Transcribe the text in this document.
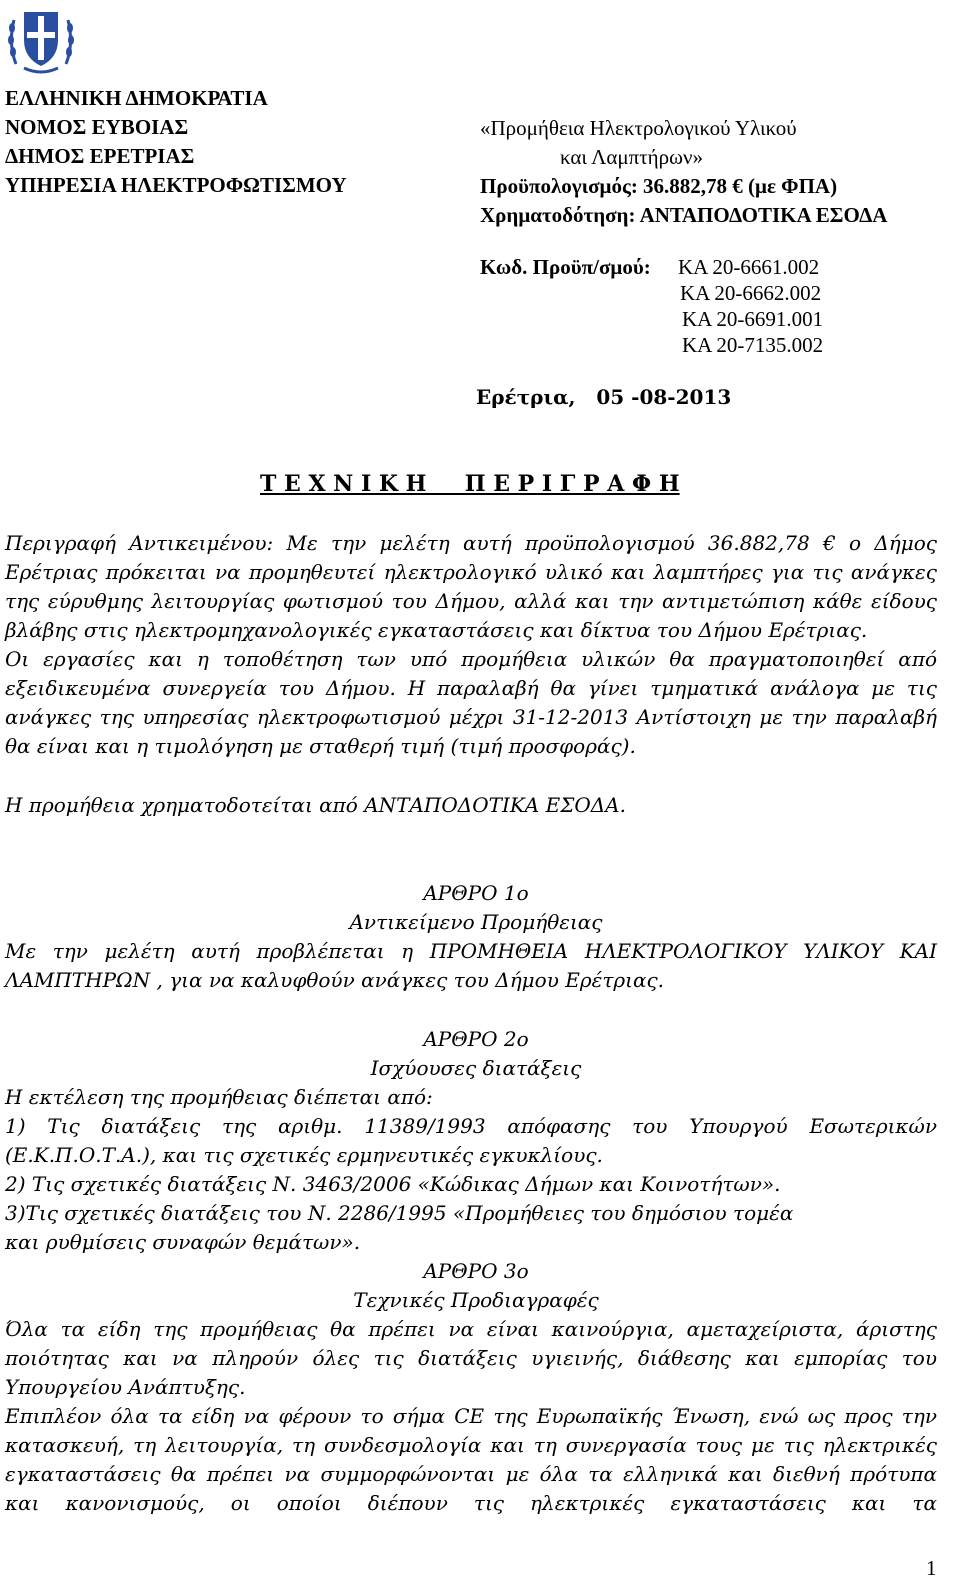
ΕΛΛΗΝΙΚΗ ΔΗΜΟΚΡΑΤΙΑ
ΝΟΜΟΣ ΕΥΒΟΙΑΣ
ΔΗΜΟΣ ΕΡΕΤΡΙΑΣ
ΥΠΗΡΕΣΙΑ ΗΛΕΚΤΡΟΦΩΤΙΣΜΟΥ
«Προμήθεια Ηλεκτρολογικού Υλικού
και Λαμπτήρων»
Προϋπολογισμός: 36.882,78 € (με ΦΠΑ)
Χρηματοδότηση: ΑΝΤΑΠΟΔΟΤΙΚΑ ΕΣΟΔΑ
Κωδ. Προϋπ/σμού: ΚΑ 20-6661.002
ΚΑ 20-6662.002
ΚΑ 20-6691.001
ΚΑ 20-7135.002
Ερέτρια,   05 -08-2013
Τ Ε Χ Ν Ι Κ Η     Π Ε Ρ Ι Γ Ρ Α Φ Η
Περιγραφή Αντικειμένου: Με την μελέτη αυτή προϋπολογισμού 36.882,78 € ο Δήμος
Ερέτριας πρόκειται να προμηθευτεί ηλεκτρολογικό υλικό και λαμπτήρες για τις ανάγκες
της εύρυθμης λειτουργίας φωτισμού του Δήμου, αλλά και την αντιμετώπιση κάθε είδους
βλάβης στις ηλεκτρομηχανολογικές εγκαταστάσεις και δίκτυα του Δήμου Ερέτριας.
Οι εργασίες και η τοποθέτηση των υπό προμήθεια υλικών θα πραγματοποιηθεί από
εξειδικευμένα συνεργεία του Δήμου. Η παραλαβή θα γίνει τμηματικά ανάλογα με τις
ανάγκες της υπηρεσίας ηλεκτροφωτισμού μέχρι 31-12-2013 Αντίστοιχη με την παραλαβή
θα είναι και η τιμολόγηση με σταθερή τιμή (τιμή προσφοράς).
Η προμήθεια χρηματοδοτείται από ΑΝΤΑΠΟΔΟΤΙΚΑ ΕΣΟΔΑ.
ΑΡΘΡΟ 1ο
Αντικείμενο Προμήθειας
Με την μελέτη αυτή προβλέπεται η ΠΡΟΜΗΘΕΙΑ ΗΛΕΚΤΡΟΛΟΓΙΚΟΥ ΥΛΙΚΟΥ ΚΑΙ
ΛΑΜΠΤΗΡΩΝ , για να καλυφθούν ανάγκες του Δήμου Ερέτριας.
ΑΡΘΡΟ 2ο
Ισχύουσες διατάξεις
Η εκτέλεση της προμήθειας διέπεται από:
1) Τις διατάξεις της αριθμ. 11389/1993 απόφασης του Υπουργού Εσωτερικών
(Ε.Κ.Π.Ο.Τ.Α.), και τις σχετικές ερμηνευτικές εγκυκλίους.
2) Τις σχετικές διατάξεις Ν. 3463/2006 «Κώδικας Δήμων και Κοινοτήτων».
3)Τις σχετικές διατάξεις του Ν. 2286/1995 «Προμήθειες του δημόσιου τομέα
και ρυθμίσεις συναφών θεμάτων».
ΑΡΘΡΟ 3ο
Τεχνικές Προδιαγραφές
Όλα τα είδη της προμήθειας θα πρέπει να είναι καινούργια, αμεταχείριστα, άριστης
ποιότητας και να πληρούν όλες τις διατάξεις υγιεινής, διάθεσης και εμπορίας του
Υπουργείου Ανάπτυξης.
Επιπλέον όλα τα είδη να φέρουν το σήμα CE της Ευρωπαϊκής Ένωση, ενώ ως προς την
κατασκευή, τη λειτουργία, τη συνδεσμολογία και τη συνεργασία τους με τις ηλεκτρικές
εγκαταστάσεις θα πρέπει να συμμορφώνονται με όλα τα ελληνικά και διεθνή πρότυπα
και κανονισμούς, οι οποίοι διέπουν τις ηλεκτρικές εγκαταστάσεις και τα
1
